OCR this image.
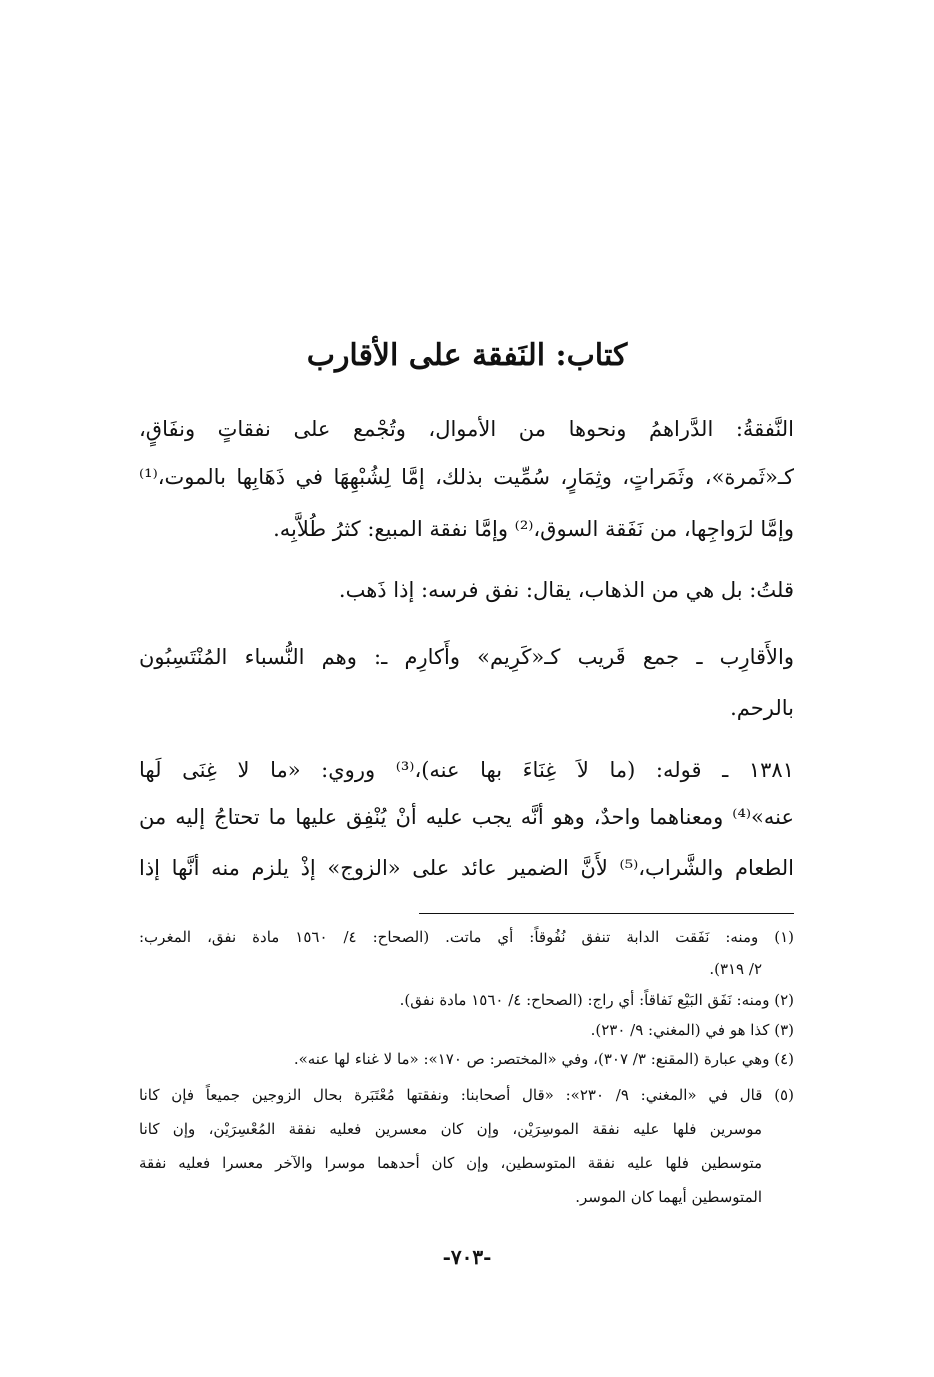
كتاب: النَفقة على الأقارب
النَّفقةُ: الدَّراهمُ ونحوها من الأموال، وتُجْمع على نفقاتٍ ونفَاقٍ،
كـ«ثَمرة»، وثَمَراتٍ، وثِمَارٍ، سُمِّيت بذلك، إمَّا لِشُبْهِهَا في ذَهَابِها بالموت،⁽¹⁾
وإمَّا لرَواجِها، من نَفَقة السوق،⁽²⁾ وإمَّا نفقة المبيع: كثرُ طُلاَّبِه.
قلتُ: بل هي من الذهاب، يقال: نفق فرسه: إذا ذَهب.
والأَقارِب ـ جمع قَريب كـ«كَرِيم» وأَكارِم ـ: وهم النُّسباء المُنْتَسِبُون
بالرحم.
١٣٨١ ـ قوله: (ما لاَ غِنَاءَ بها عنه)،⁽³⁾ وروي: «ما لا غِنَى لَها
عنه»⁽⁴⁾ ومعناهما واحدٌ، وهو أنَّه يجب عليه أنْ يُنْفِق عليها ما تحتاجُ إليه من
الطعام والشَّراب،⁽⁵⁾ لأَنَّ الضمير عائد على «الزوج» إذْ يلزم منه أنَّها إذا
(١) ومنه: نَفَقت الدابة تنفق نُفُوقاً: أي ماتت. (الصحاح: ٤/ ١٥٦٠ مادة نفق، المغرب:
٢/ ٣١٩).
(٢) ومنه: نَفَق البَيْع نَفاقاً: أي راج: (الصحاح: ٤/ ١٥٦٠ مادة نفق).
(٣) كذا هو في (المغني: ٩/ ٢٣٠).
(٤) وهي عبارة (المقنع: ٣/ ٣٠٧)، وفي «المختصر: ص ١٧٠»: «ما لا غناء لها عنه».
(٥) قال في «المغني: ٩/ ٢٣٠»: «قال أصحابنا: ونفقتها مُعْتَبَرة بحال الزوجين جميعاً فإن كانا
موسرين فلها عليه نفقة الموسِرَيْن، وإن كان معسرين فعليه نفقة المُعْسِرَيْن، وإن كانا
متوسطين فلها عليه نفقة المتوسطين، وإن كان أحدهما موسرا والآخر معسرا فعليه نفقة
المتوسطين أيهما كان الموسر.
-٧٠٣-
